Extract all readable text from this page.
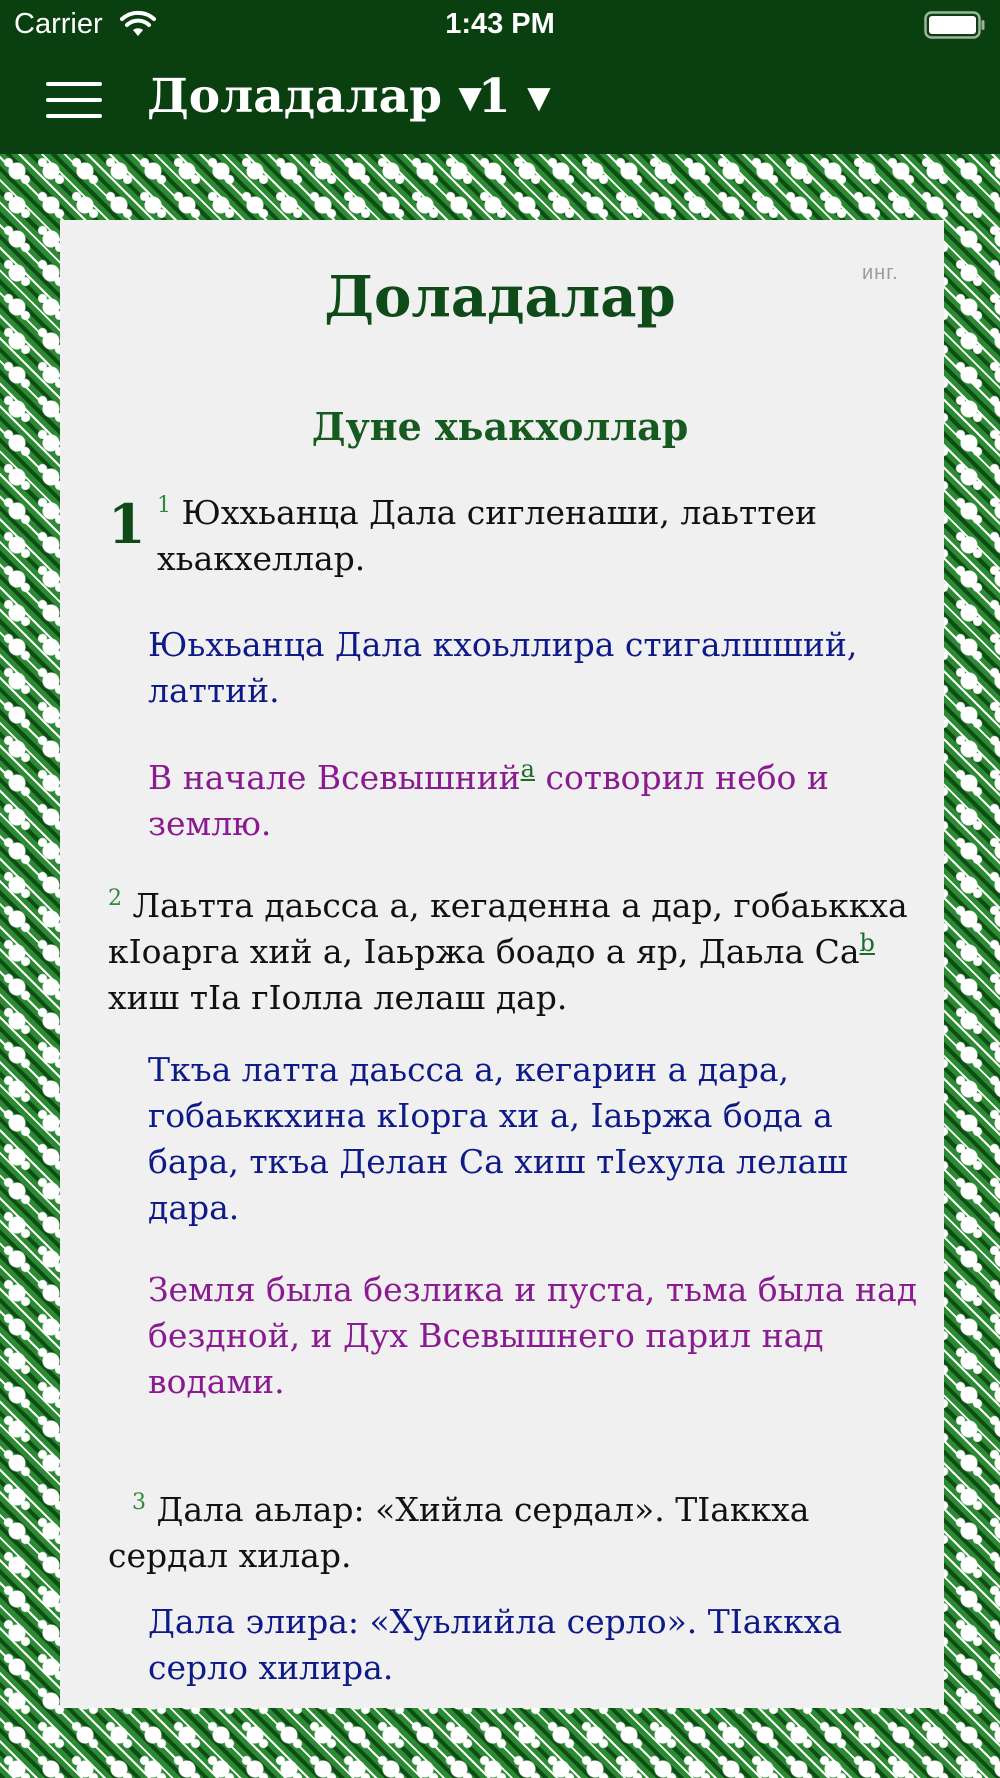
Carrier	1:43 PM
Доладалар ▾
1 ▾
Доладалар	инг.
Дуне хьакхоллар
1 $^1$ Юххьанца Дала сигленаши, лаьттеи
хьакхеллар.
Юьхьанца Дала кхоьллира стигалшший,
латтий.
В начале Всевышний$^a$ сотворил небо и
землю.
$^2$ Лаьтта даьсса а, кегаденна а дар, гобаьккха
кIоарга хий а, Iаьржа боадо а яр, Даьла Са$^b$
хиш тIа гIолла лелаш дар.
Ткъа латта даьсса а, кегарин а дара,
гобаьккхина кIорга хи а, Iаьржа бода а
бара, ткъа Делан Са хиш тIехула лелаш
дара.
Земля была безлика и пуста, тьма была над
бездной, и Дух Всевышнего парил над
водами.
$^3$ Дала аьлар: «Хийла сердал». ТIаккха
сердал хилар.
Дала элира: «Хуьлийла серло». ТIаккха
серло хилира.
